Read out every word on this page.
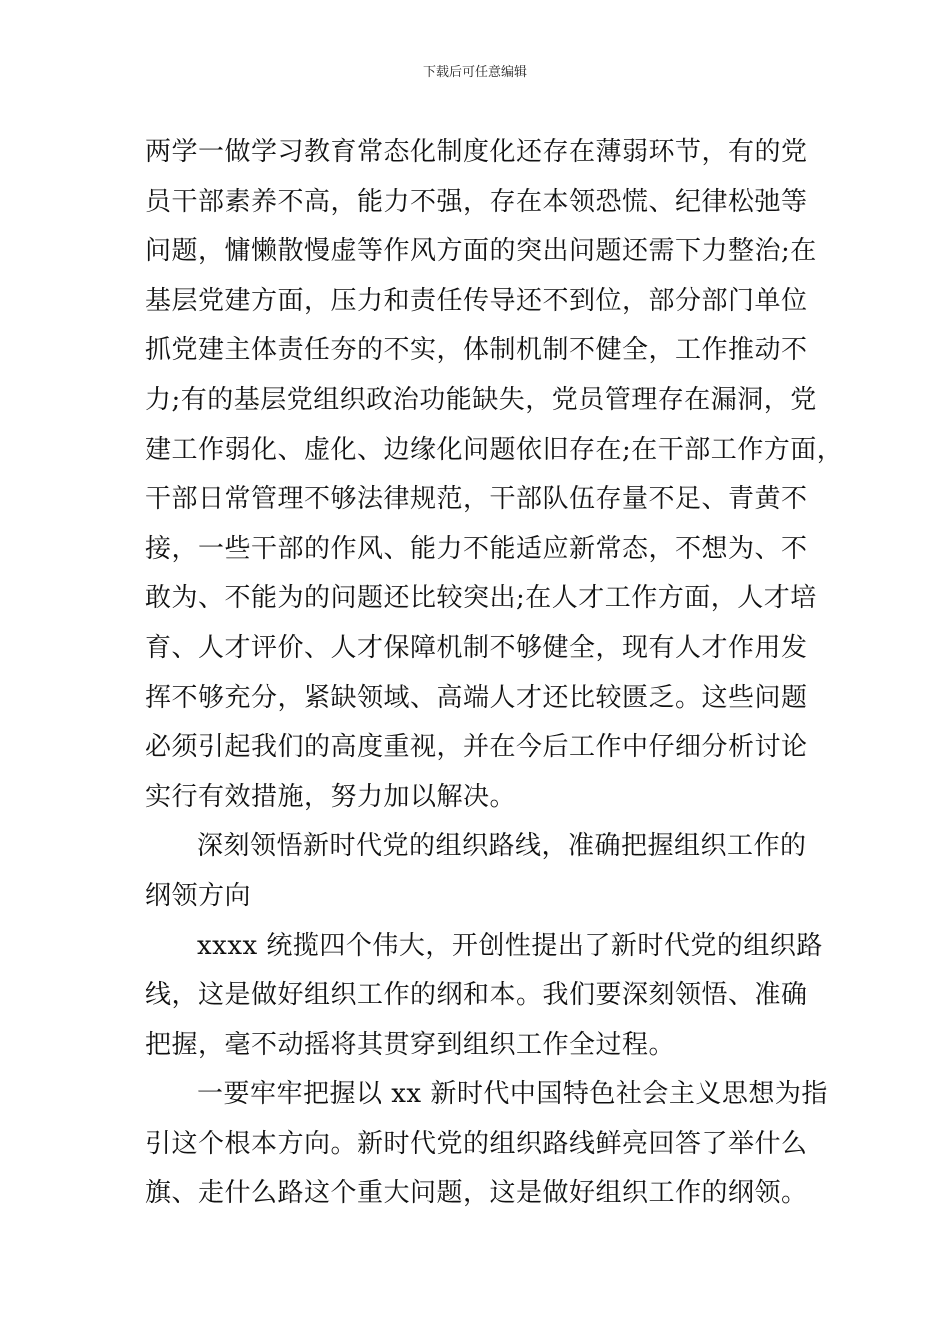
下载后可任意编辑
两学一做学习教育常态化制度化还存在薄弱环节，有的党
员干部素养不高，能力不强，存在本领恐慌、纪律松弛等
问题，慵懒散慢虚等作风方面的突出问题还需下力整治;在
基层党建方面，压力和责任传导还不到位，部分部门单位
抓党建主体责任夯的不实，体制机制不健全，工作推动不
力;有的基层党组织政治功能缺失，党员管理存在漏洞，党
建工作弱化、虚化、边缘化问题依旧存在;在干部工作方面，
干部日常管理不够法律规范，干部队伍存量不足、青黄不
接，一些干部的作风、能力不能适应新常态，不想为、不
敢为、不能为的问题还比较突出;在人才工作方面，人才培
育、人才评价、人才保障机制不够健全，现有人才作用发
挥不够充分，紧缺领域、高端人才还比较匮乏。这些问题
必须引起我们的高度重视，并在今后工作中仔细分析讨论
实行有效措施，努力加以解决。
深刻领悟新时代党的组织路线，准确把握组织工作的
纲领方向
xxxx 统揽四个伟大，开创性提出了新时代党的组织路
线，这是做好组织工作的纲和本。我们要深刻领悟、准确
把握，毫不动摇将其贯穿到组织工作全过程。
一要牢牢把握以 xx 新时代中国特色社会主义思想为指
引这个根本方向。新时代党的组织路线鲜亮回答了举什么
旗、走什么路这个重大问题，这是做好组织工作的纲领。
